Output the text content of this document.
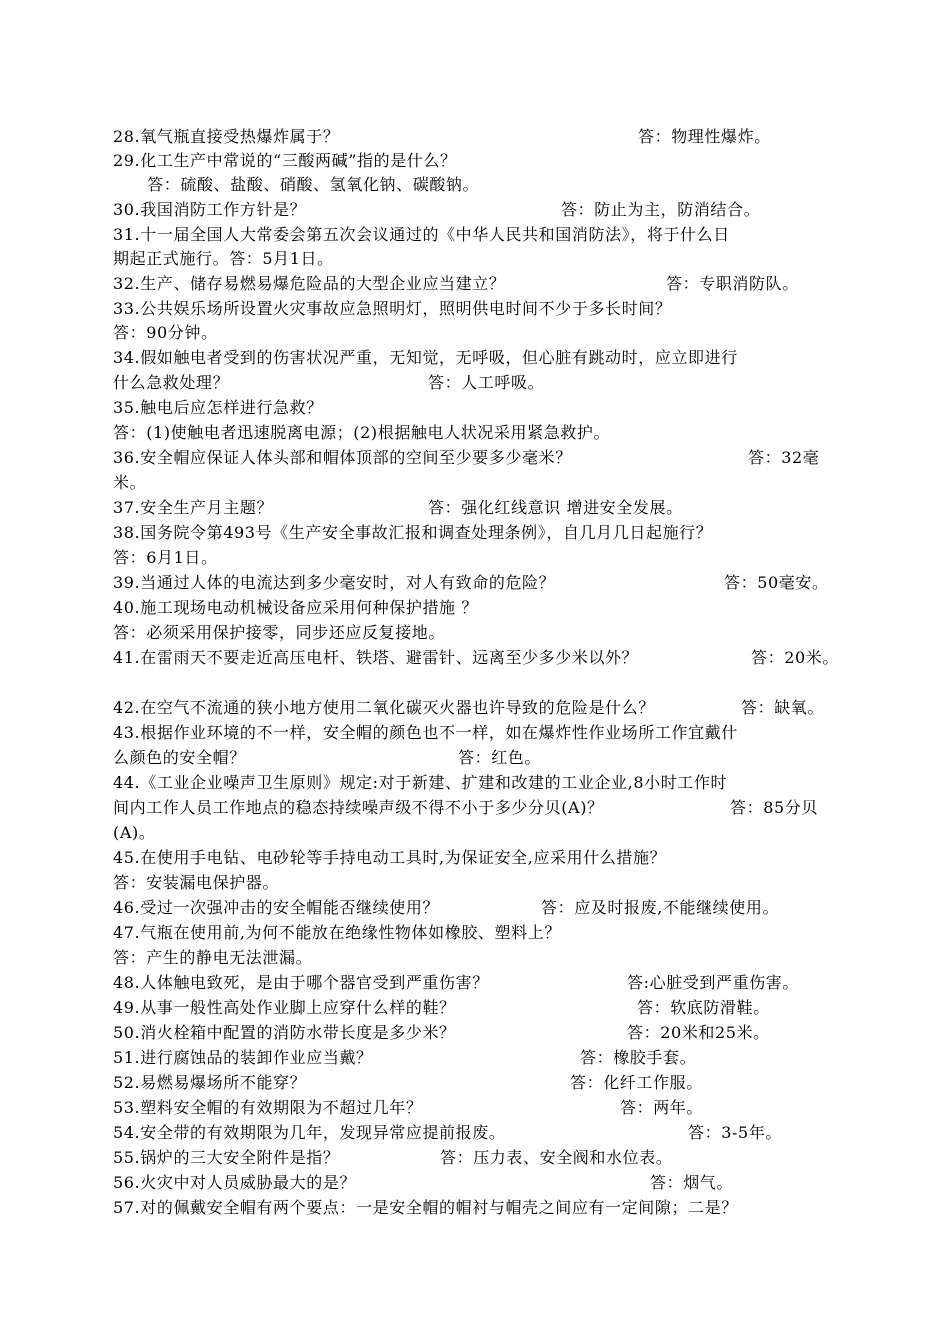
28.氧气瓶直接受热爆炸属于？	答：物理性爆炸。
29.化工生产中常说的“三酸两碱”指的是什么？
答：硫酸、盐酸、硝酸、氢氧化钠、碳酸钠。
30.我国消防工作方针是？	答：防止为主，防消结合。
31.十一届全国人大常委会第五次会议通过的《中华人民共和国消防法》，将于什么日
期起正式施行。答：5月1日。
32.生产、储存易燃易爆危险品的大型企业应当建立？	答：专职消防队。
33.公共娱乐场所设置火灾事故应急照明灯，照明供电时间不少于多长时间？
答：90分钟。
34.假如触电者受到的伤害状况严重，无知觉，无呼吸，但心脏有跳动时，应立即进行
什么急救处理？	答：人工呼吸。
35.触电后应怎样进行急救？
答：(1)使触电者迅速脱离电源；(2)根据触电人状况采用紧急救护。
36.安全帽应保证人体头部和帽体顶部的空间至少要多少毫米？	答：32毫
米。
37.安全生产月主题？	答：强化红线意识 增进安全发展。
38.国务院令第493号《生产安全事故汇报和调查处理条例》，自几月几日起施行？
答：6月1日。
39.当通过人体的电流达到多少毫安时，对人有致命的危险？	答：50毫安。
40.施工现场电动机械设备应采用何种保护措施 ？
答：必须采用保护接零，同步还应反复接地。
41.在雷雨天不要走近高压电杆、铁塔、避雷针、远离至少多少米以外？	答：20米。
42.在空气不流通的狭小地方使用二氧化碳灭火器也许导致的危险是什么？	答：缺氧。
43.根据作业环境的不一样，安全帽的颜色也不一样，如在爆炸性作业场所工作宜戴什
么颜色的安全帽？	答：红色。
44.《工业企业噪声卫生原则》规定:对于新建、扩建和改建的工业企业,8小时工作时
间内工作人员工作地点的稳态持续噪声级不得不小于多少分贝(A)？	答：85分贝
(A)。
45.在使用手电钻、电砂轮等手持电动工具时,为保证安全,应采用什么措施？
答：安装漏电保护器。
46.受过一次强冲击的安全帽能否继续使用？	答：应及时报废,不能继续使用。
47.气瓶在使用前,为何不能放在绝缘性物体如橡胶、塑料上？
答：产生的静电无法泄漏。
48.人体触电致死，是由于哪个器官受到严重伤害？	答:心脏受到严重伤害。
49.从事一般性高处作业脚上应穿什么样的鞋？	答：软底防滑鞋。
50.消火栓箱中配置的消防水带长度是多少米？	答：20米和25米。
51.进行腐蚀品的装卸作业应当戴？	答：橡胶手套。
52.易燃易爆场所不能穿？	答：化纤工作服。
53.塑料安全帽的有效期限为不超过几年？	答：两年。
54.安全带的有效期限为几年，发现异常应提前报废。	答：3-5年。
55.锅炉的三大安全附件是指？	答：压力表、安全阀和水位表。
56.火灾中对人员威胁最大的是？	答：烟气。
57.对的佩戴安全帽有两个要点：一是安全帽的帽衬与帽壳之间应有一定间隙；二是？
